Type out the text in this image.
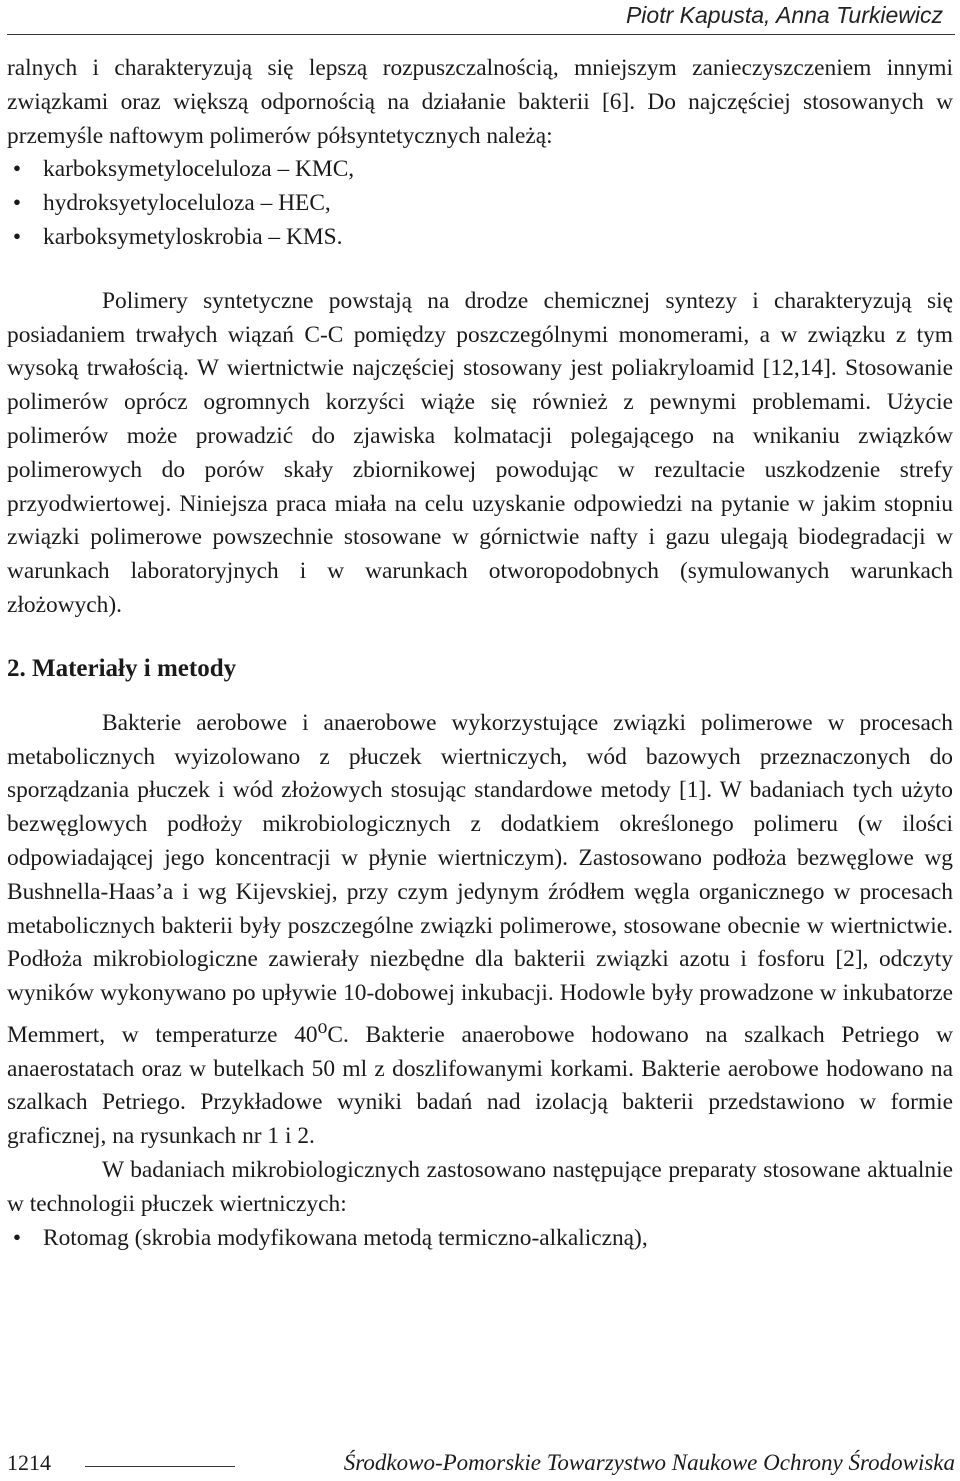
Piotr Kapusta, Anna Turkiewicz

ralnych i charakteryzują się lepszą rozpuszczalnością, mniejszym zanieczyszczeniem innymi związkami oraz większą odpornością na działanie bakterii [6]. Do najczęściej stosowanych w przemyśle naftowym polimerów półsyntetycznych należą:

• karboksymetyloceluloza – KMC,
• hydroksyetyloceluloza – HEC,
• karboksymetyloskrobia – KMS.

Polimery syntetyczne powstają na drodze chemicznej syntezy i charakteryzują się posiadaniem trwałych wiązań C-C pomiędzy poszczególnymi monomerami, a w związku z tym wysoką trwałością. W wiertnictwie najczęściej stosowany jest poliakryloamid [12,14]. Stosowanie polimerów oprócz ogromnych korzyści wiąże się również z pewnymi problemami. Użycie polimerów może prowadzić do zjawiska kolmatacji polegającego na wnikaniu związków polimerowych do porów skały zbiornikowej powodując w rezultacie uszkodzenie strefy przyodwiertowej. Niniejsza praca miała na celu uzyskanie odpowiedzi na pytanie w jakim stopniu związki polimerowe powszechnie stosowane w górnictwie nafty i gazu ulegają biodegradacji w warunkach laboratoryjnych i w warunkach otworopodobnych (symulowanych warunkach złożowych).

2. Materiały i metody

Bakterie aerobowe i anaerobowe wykorzystujące związki polimerowe w procesach metabolicznych wyizolowano z płuczek wiertniczych, wód bazowych przeznaczonych do sporządzania płuczek i wód złożowych stosując standardowe metody [1]. W badaniach tych użyto bezwęglowych podłoży mikrobiologicznych z dodatkiem określonego polimeru (w ilości odpowiadającej jego koncentracji w płynie wiertniczym). Zastosowano podłoża bezwęglowe wg Bushnella-Haas’a i wg Kijevskiej, przy czym jedynym źródłem węgla organicznego w procesach metabolicznych bakterii były poszczególne związki polimerowe, stosowane obecnie w wiertnictwie. Podłoża mikrobiologiczne zawierały niezbędne dla bakterii związki azotu i fosforu [2], odczyty wyników wykonywano po upływie 10-dobowej inkubacji. Hodowle były prowadzone w inkubatorze Memmert, w temperaturze 40$^o$C. Bakterie anaerobowe hodowano na szalkach Petriego w anaerostatach oraz w butelkach 50 ml z doszlifowanymi korkami. Bakterie aerobowe hodowano na szalkach Petriego. Przykładowe wyniki badań nad izolacją bakterii przedstawiono w formie graficznej, na rysunkach nr 1 i 2.

W badaniach mikrobiologicznych zastosowano następujące preparaty stosowane aktualnie w technologii płuczek wiertniczych:

• Rotomag (skrobia modyfikowana metodą termiczno-alkaliczną),
1214	Środkowo-Pomorskie Towarzystwo Naukowe Ochrony Środowiska
